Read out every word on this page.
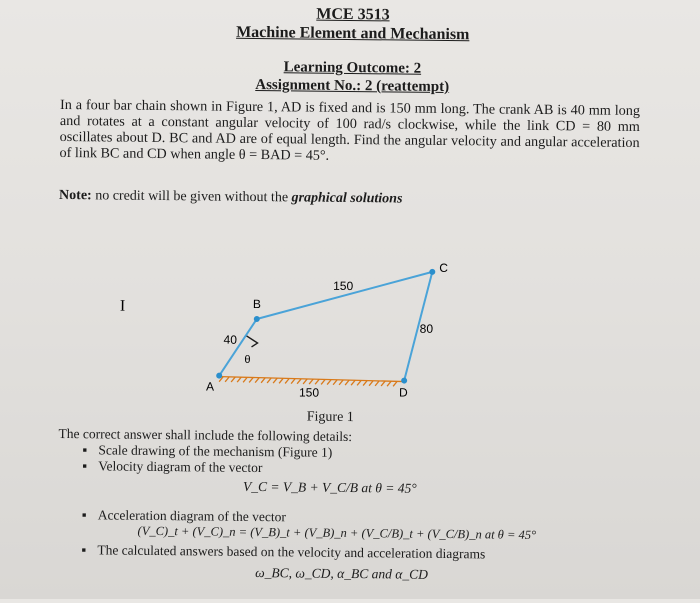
MCE 3513
Machine Element and Mechanism
Learning Outcome: 2
Assignment No.: 2 (reattempt)
In a four bar chain shown in Figure 1, AD is fixed and is 150 mm long. The crank AB is 40 mm long and rotates at a constant angular velocity of 100 rad/s clockwise, while the link CD = 80 mm oscillates about D. BC and AD are of equal length. Find the angular velocity and angular acceleration of link BC and CD when angle θ = BAD = 45°.
Note: no credit will be given without the graphical solutions
A
B
C
D
θ
40
150
80
150
I
Figure 1
The correct answer shall include the following details:
▪ Scale drawing of the mechanism (Figure 1)
▪ Velocity diagram of the vector
V_C = V_B + V_C/B at θ = 45°
▪ Acceleration diagram of the vector
(V_C)_t + (V_C)_n = (V_B)_t + (V_B)_n + (V_C/B)_t + (V_C/B)_n at θ = 45°
▪ The calculated answers based on the velocity and acceleration diagrams
ω_BC, ω_CD, α_BC and α_CD
